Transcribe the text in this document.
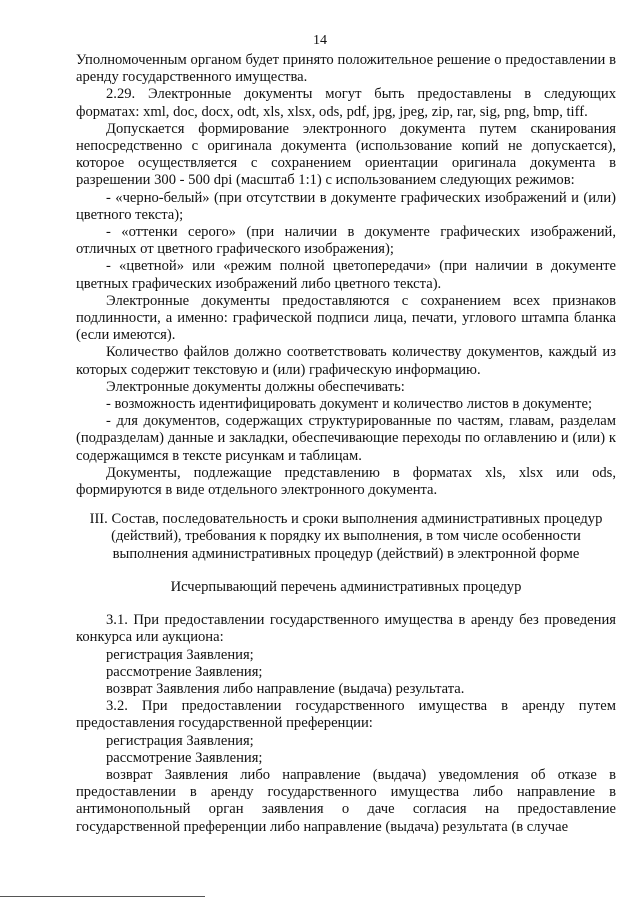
14

Уполномоченным органом будет принято положительное решение о предоставлении в аренду государственного имущества.

2.29. Электронные документы могут быть предоставлены в следующих форматах: xml, doc, docx, odt, xls, xlsx, ods, pdf, jpg, jpeg, zip, rar, sig, png, bmp, tiff.

Допускается формирование электронного документа путем сканирования непосредственно с оригинала документа (использование копий не допускается), которое осуществляется с сохранением ориентации оригинала документа в разрешении 300 - 500 dpi (масштаб 1:1) с использованием следующих режимов:

- «черно-белый» (при отсутствии в документе графических изображений и (или) цветного текста);

- «оттенки серого» (при наличии в документе графических изображений, отличных от цветного графического изображения);

- «цветной» или «режим полной цветопередачи» (при наличии в документе цветных графических изображений либо цветного текста).

Электронные документы предоставляются с сохранением всех признаков подлинности, а именно: графической подписи лица, печати, углового штампа бланка (если имеются).

Количество файлов должно соответствовать количеству документов, каждый из которых содержит текстовую и (или) графическую информацию.

Электронные документы должны обеспечивать:

- возможность идентифицировать документ и количество листов в документе;

- для документов, содержащих структурированные по частям, главам, разделам (подразделам) данные и закладки, обеспечивающие переходы по оглавлению и (или) к содержащимся в тексте рисункам и таблицам.

Документы, подлежащие представлению в форматах xls, xlsx или ods, формируются в виде отдельного электронного документа.

III. Состав, последовательность и сроки выполнения административных процедур (действий), требования к порядку их выполнения, в том числе особенности выполнения административных процедур (действий) в электронной форме

Исчерпывающий перечень административных процедур

3.1. При предоставлении государственного имущества в аренду без проведения конкурса или аукциона:

регистрация Заявления;

рассмотрение Заявления;

возврат Заявления либо направление (выдача) результата.

3.2. При предоставлении государственного имущества в аренду путем предоставления государственной преференции:

регистрация Заявления;

рассмотрение Заявления;

возврат Заявления либо направление (выдача) уведомления об отказе в предоставлении в аренду государственного имущества либо направление в антимонопольный орган заявления о даче согласия на предоставление государственной преференции либо направление (выдача) результата (в случае
